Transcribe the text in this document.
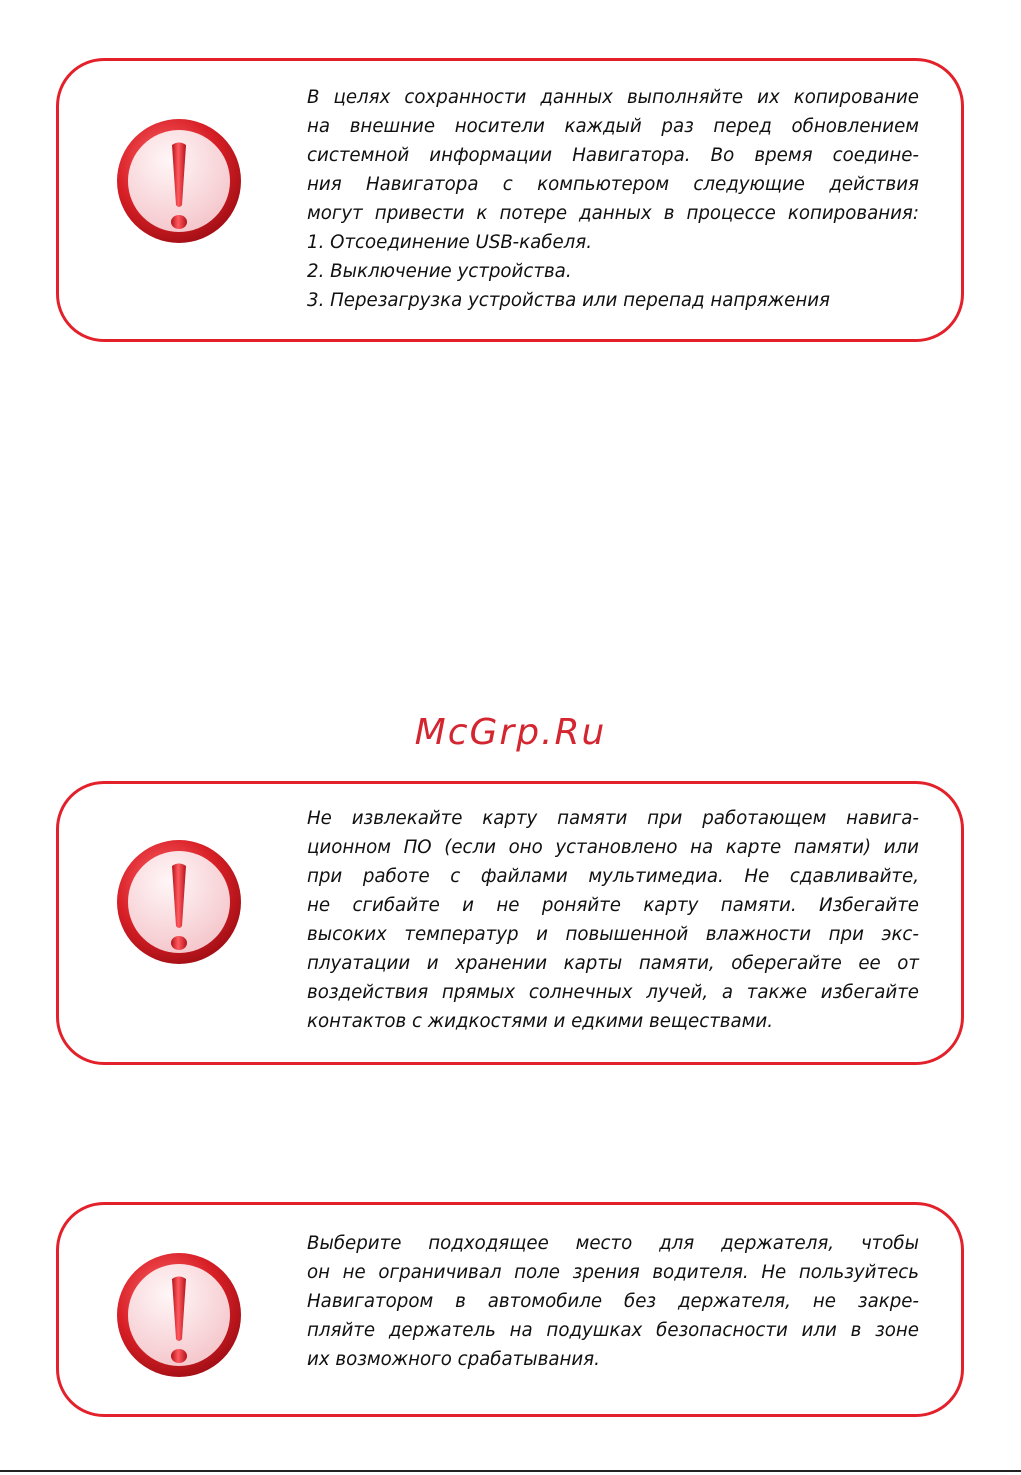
В целях сохранности данных выполняйте их копирование
на внешние носители каждый раз перед обновлением
системной информации Навигатора. Во время соедине-
ния Навигатора с компьютером следующие действия
могут привести к потере данных в процессе копирования:
1. Отсоединение USB-кабеля.
2. Выключение устройства.
3. Перезагрузка устройства или перепад напряжения
McGrp.Ru
Не извлекайте карту памяти при работающем навига-
ционном ПО (если оно установлено на карте памяти) или
при работе с файлами мультимедиа. Не сдавливайте,
не сгибайте и не роняйте карту памяти. Избегайте
высоких температур и повышенной влажности при экс-
плуатации и хранении карты памяти, оберегайте ее от
воздействия прямых солнечных лучей, а также избегайте
контактов с жидкостями и едкими веществами.
Выберите подходящее место для держателя, чтобы
он не ограничивал поле зрения водителя. Не пользуйтесь
Навигатором в автомобиле без держателя, не закре-
пляйте держатель на подушках безопасности или в зоне
их возможного срабатывания.
